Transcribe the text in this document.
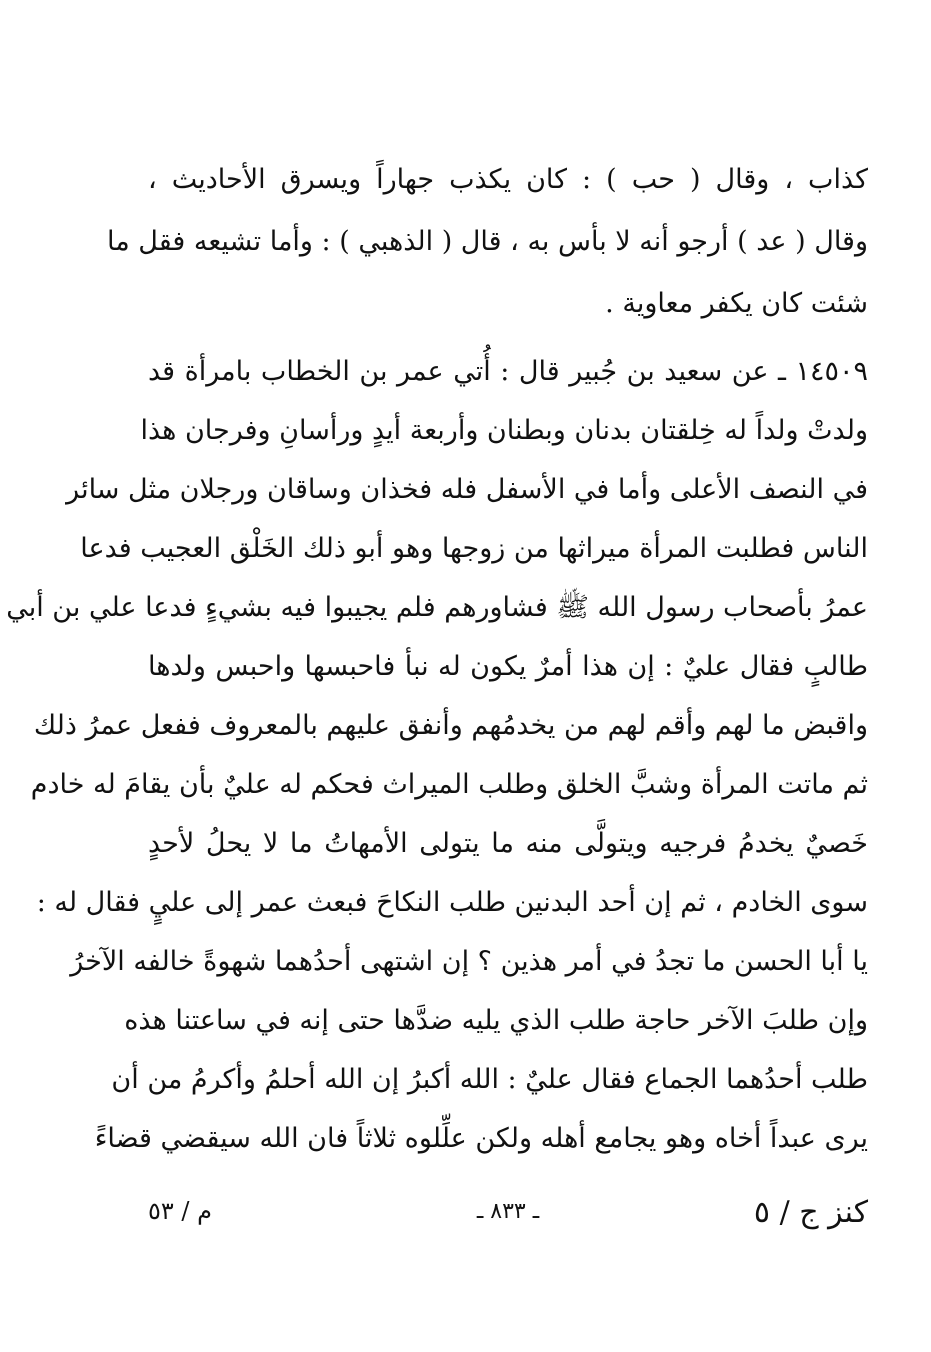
كذاب ، وقال ( حب ) : كان يكذب جهاراً ويسرق الأحاديث ،
وقال ( عد ) أرجو أنه لا بأس به ، قال ( الذهبي ) : وأما تشيعه فقل ما
شئت كان يكفر معاوية .
١٤٥٠٩ ـ عن سعيد بن جُبير قال : أُتي عمر بن الخطاب بامرأة قد
ولدتْ ولداً له خِلقتان بدنان وبطنان وأربعة أيدٍ ورأسانِ وفرجان هذا
في النصف الأعلى وأما في الأسفل فله فخذان وساقان ورجلان مثل سائر
الناس فطلبت المرأة ميراثها من زوجها وهو أبو ذلك الخَلْق العجيب فدعا
عمرُ بأصحاب رسول الله ﷺ فشاورهم فلم يجيبوا فيه بشيءٍ فدعا علي بن أبي
طالبٍ فقال عليٌ : إن هذا أمرٌ يكون له نبأ فاحبسها واحبس ولدها
واقبض ما لهم وأقم لهم من يخدمُهم وأنفق عليهم بالمعروف ففعل عمرُ ذلك
ثم ماتت المرأة وشبَّ الخلق وطلب الميراث فحكم له عليٌ بأن يقامَ له خادم
خَصيٌ يخدمُ فرجيه ويتولَّى منه ما يتولى الأمهاتُ ما لا يحلُ لأحدٍ
سوى الخادم ، ثم إن أحد البدنين طلب النكاحَ فبعث عمر إلى عليٍ فقال له :
يا أبا الحسن ما تجدُ في أمر هذين ؟ إن اشتهى أحدُهما شهوةً خالفه الآخرُ
وإن طلبَ الآخر حاجة طلب الذي يليه ضدَّها حتى إنه في ساعتنا هذه
طلب أحدُهما الجماع فقال عليٌ : الله أكبرُ إن الله أحلمُ وأكرمُ من أن
يرى عبداً أخاه وهو يجامع أهله ولكن علِّلوه ثلاثاً فان الله سيقضي قضاءً
كنز ج / ٥
ـ ٨٣٣ ـ
م / ٥٣
